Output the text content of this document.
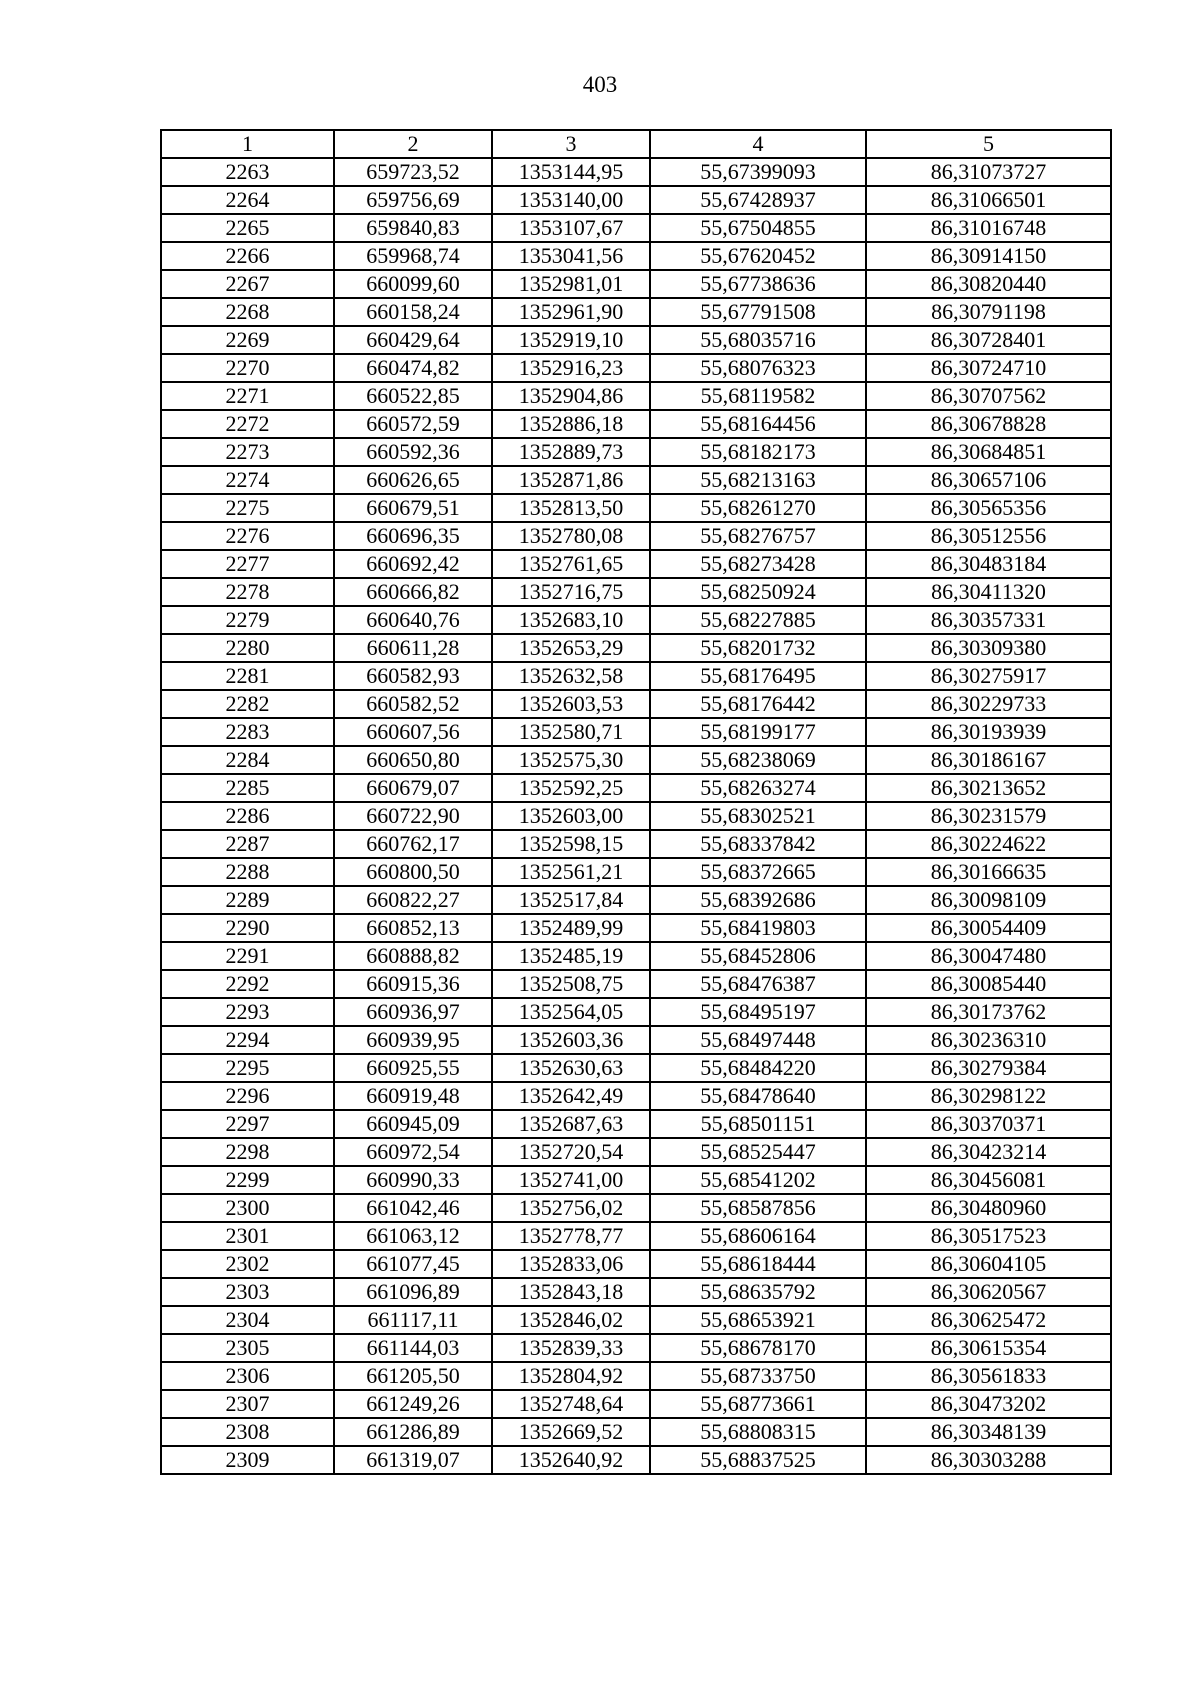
403
1	2	3	4	5
2263	659723,52	1353144,95	55,67399093	86,31073727
2264	659756,69	1353140,00	55,67428937	86,31066501
2265	659840,83	1353107,67	55,67504855	86,31016748
2266	659968,74	1353041,56	55,67620452	86,30914150
2267	660099,60	1352981,01	55,67738636	86,30820440
2268	660158,24	1352961,90	55,67791508	86,30791198
2269	660429,64	1352919,10	55,68035716	86,30728401
2270	660474,82	1352916,23	55,68076323	86,30724710
2271	660522,85	1352904,86	55,68119582	86,30707562
2272	660572,59	1352886,18	55,68164456	86,30678828
2273	660592,36	1352889,73	55,68182173	86,30684851
2274	660626,65	1352871,86	55,68213163	86,30657106
2275	660679,51	1352813,50	55,68261270	86,30565356
2276	660696,35	1352780,08	55,68276757	86,30512556
2277	660692,42	1352761,65	55,68273428	86,30483184
2278	660666,82	1352716,75	55,68250924	86,30411320
2279	660640,76	1352683,10	55,68227885	86,30357331
2280	660611,28	1352653,29	55,68201732	86,30309380
2281	660582,93	1352632,58	55,68176495	86,30275917
2282	660582,52	1352603,53	55,68176442	86,30229733
2283	660607,56	1352580,71	55,68199177	86,30193939
2284	660650,80	1352575,30	55,68238069	86,30186167
2285	660679,07	1352592,25	55,68263274	86,30213652
2286	660722,90	1352603,00	55,68302521	86,30231579
2287	660762,17	1352598,15	55,68337842	86,30224622
2288	660800,50	1352561,21	55,68372665	86,30166635
2289	660822,27	1352517,84	55,68392686	86,30098109
2290	660852,13	1352489,99	55,68419803	86,30054409
2291	660888,82	1352485,19	55,68452806	86,30047480
2292	660915,36	1352508,75	55,68476387	86,30085440
2293	660936,97	1352564,05	55,68495197	86,30173762
2294	660939,95	1352603,36	55,68497448	86,30236310
2295	660925,55	1352630,63	55,68484220	86,30279384
2296	660919,48	1352642,49	55,68478640	86,30298122
2297	660945,09	1352687,63	55,68501151	86,30370371
2298	660972,54	1352720,54	55,68525447	86,30423214
2299	660990,33	1352741,00	55,68541202	86,30456081
2300	661042,46	1352756,02	55,68587856	86,30480960
2301	661063,12	1352778,77	55,68606164	86,30517523
2302	661077,45	1352833,06	55,68618444	86,30604105
2303	661096,89	1352843,18	55,68635792	86,30620567
2304	661117,11	1352846,02	55,68653921	86,30625472
2305	661144,03	1352839,33	55,68678170	86,30615354
2306	661205,50	1352804,92	55,68733750	86,30561833
2307	661249,26	1352748,64	55,68773661	86,30473202
2308	661286,89	1352669,52	55,68808315	86,30348139
2309	661319,07	1352640,92	55,68837525	86,30303288
